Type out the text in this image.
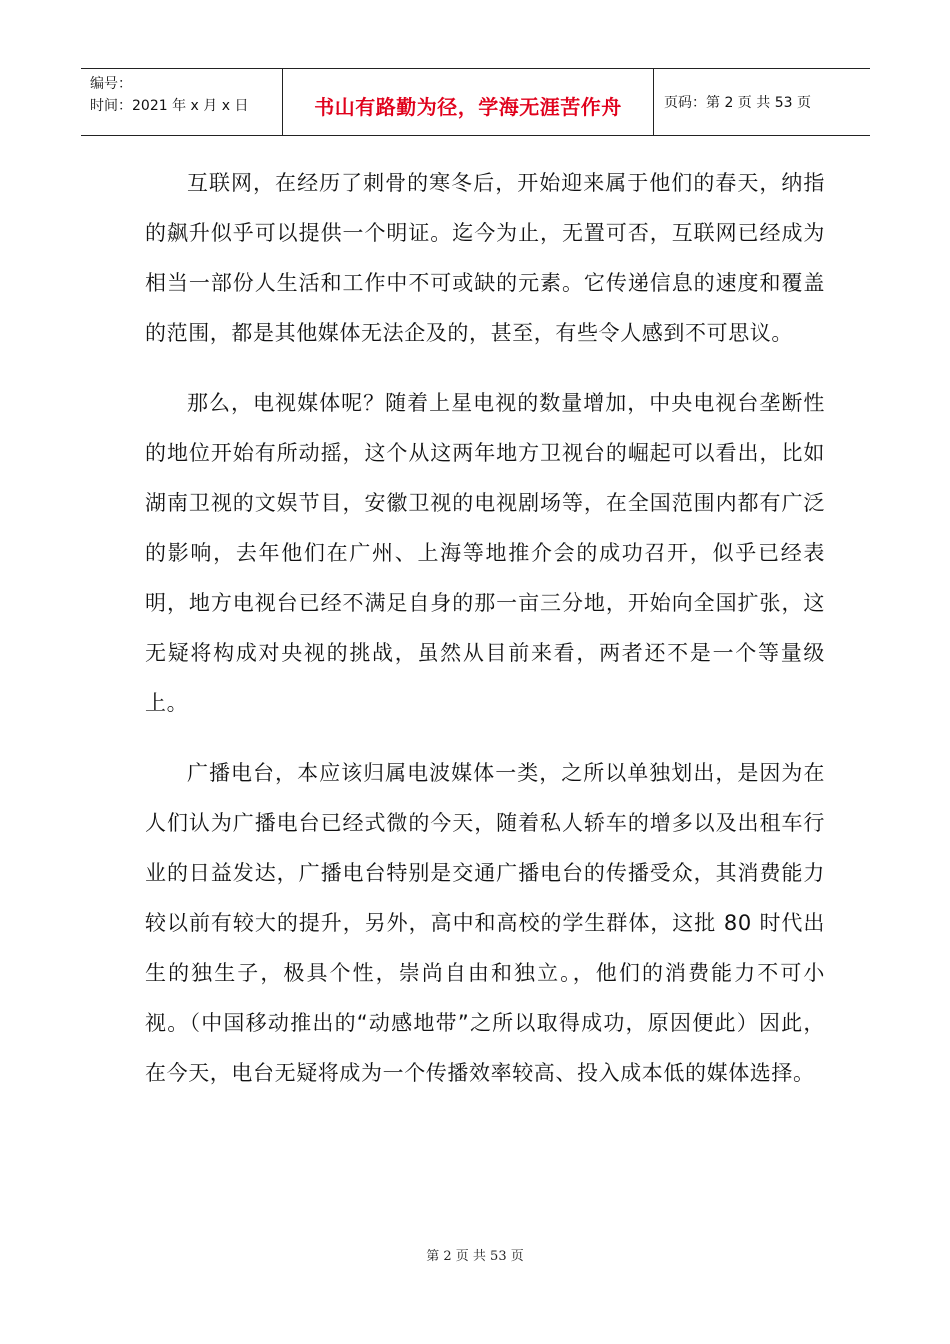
编号：
时间：2021 年 x 月 x 日	书山有路勤为径，学海无涯苦作舟	页码：第 2 页 共 53 页

互联网，在经历了刺骨的寒冬后，开始迎来属于他们的春天，纳指的飙升似乎可以提供一个明证。迄今为止，无置可否，互联网已经成为相当一部份人生活和工作中不可或缺的元素。它传递信息的速度和覆盖的范围，都是其他媒体无法企及的，甚至，有些令人感到不可思议。

那么，电视媒体呢？随着上星电视的数量增加，中央电视台垄断性的地位开始有所动摇，这个从这两年地方卫视台的崛起可以看出，比如湖南卫视的文娱节目，安徽卫视的电视剧场等，在全国范围内都有广泛的影响，去年他们在广州、上海等地推介会的成功召开，似乎已经表明，地方电视台已经不满足自身的那一亩三分地，开始向全国扩张，这无疑将构成对央视的挑战，虽然从目前来看，两者还不是一个等量级上。

广播电台，本应该归属电波媒体一类，之所以单独划出，是因为在人们认为广播电台已经式微的今天，随着私人轿车的增多以及出租车行业的日益发达，广播电台特别是交通广播电台的传播受众，其消费能力较以前有较大的提升，另外，高中和高校的学生群体，这批 80 时代出生的独生子，极具个性，崇尚自由和独立。，他们的消费能力不可小视。（中国移动推出的“动感地带”之所以取得成功，原因便此）因此，在今天，电台无疑将成为一个传播效率较高、投入成本低的媒体选择。

第 2 页 共 53 页
